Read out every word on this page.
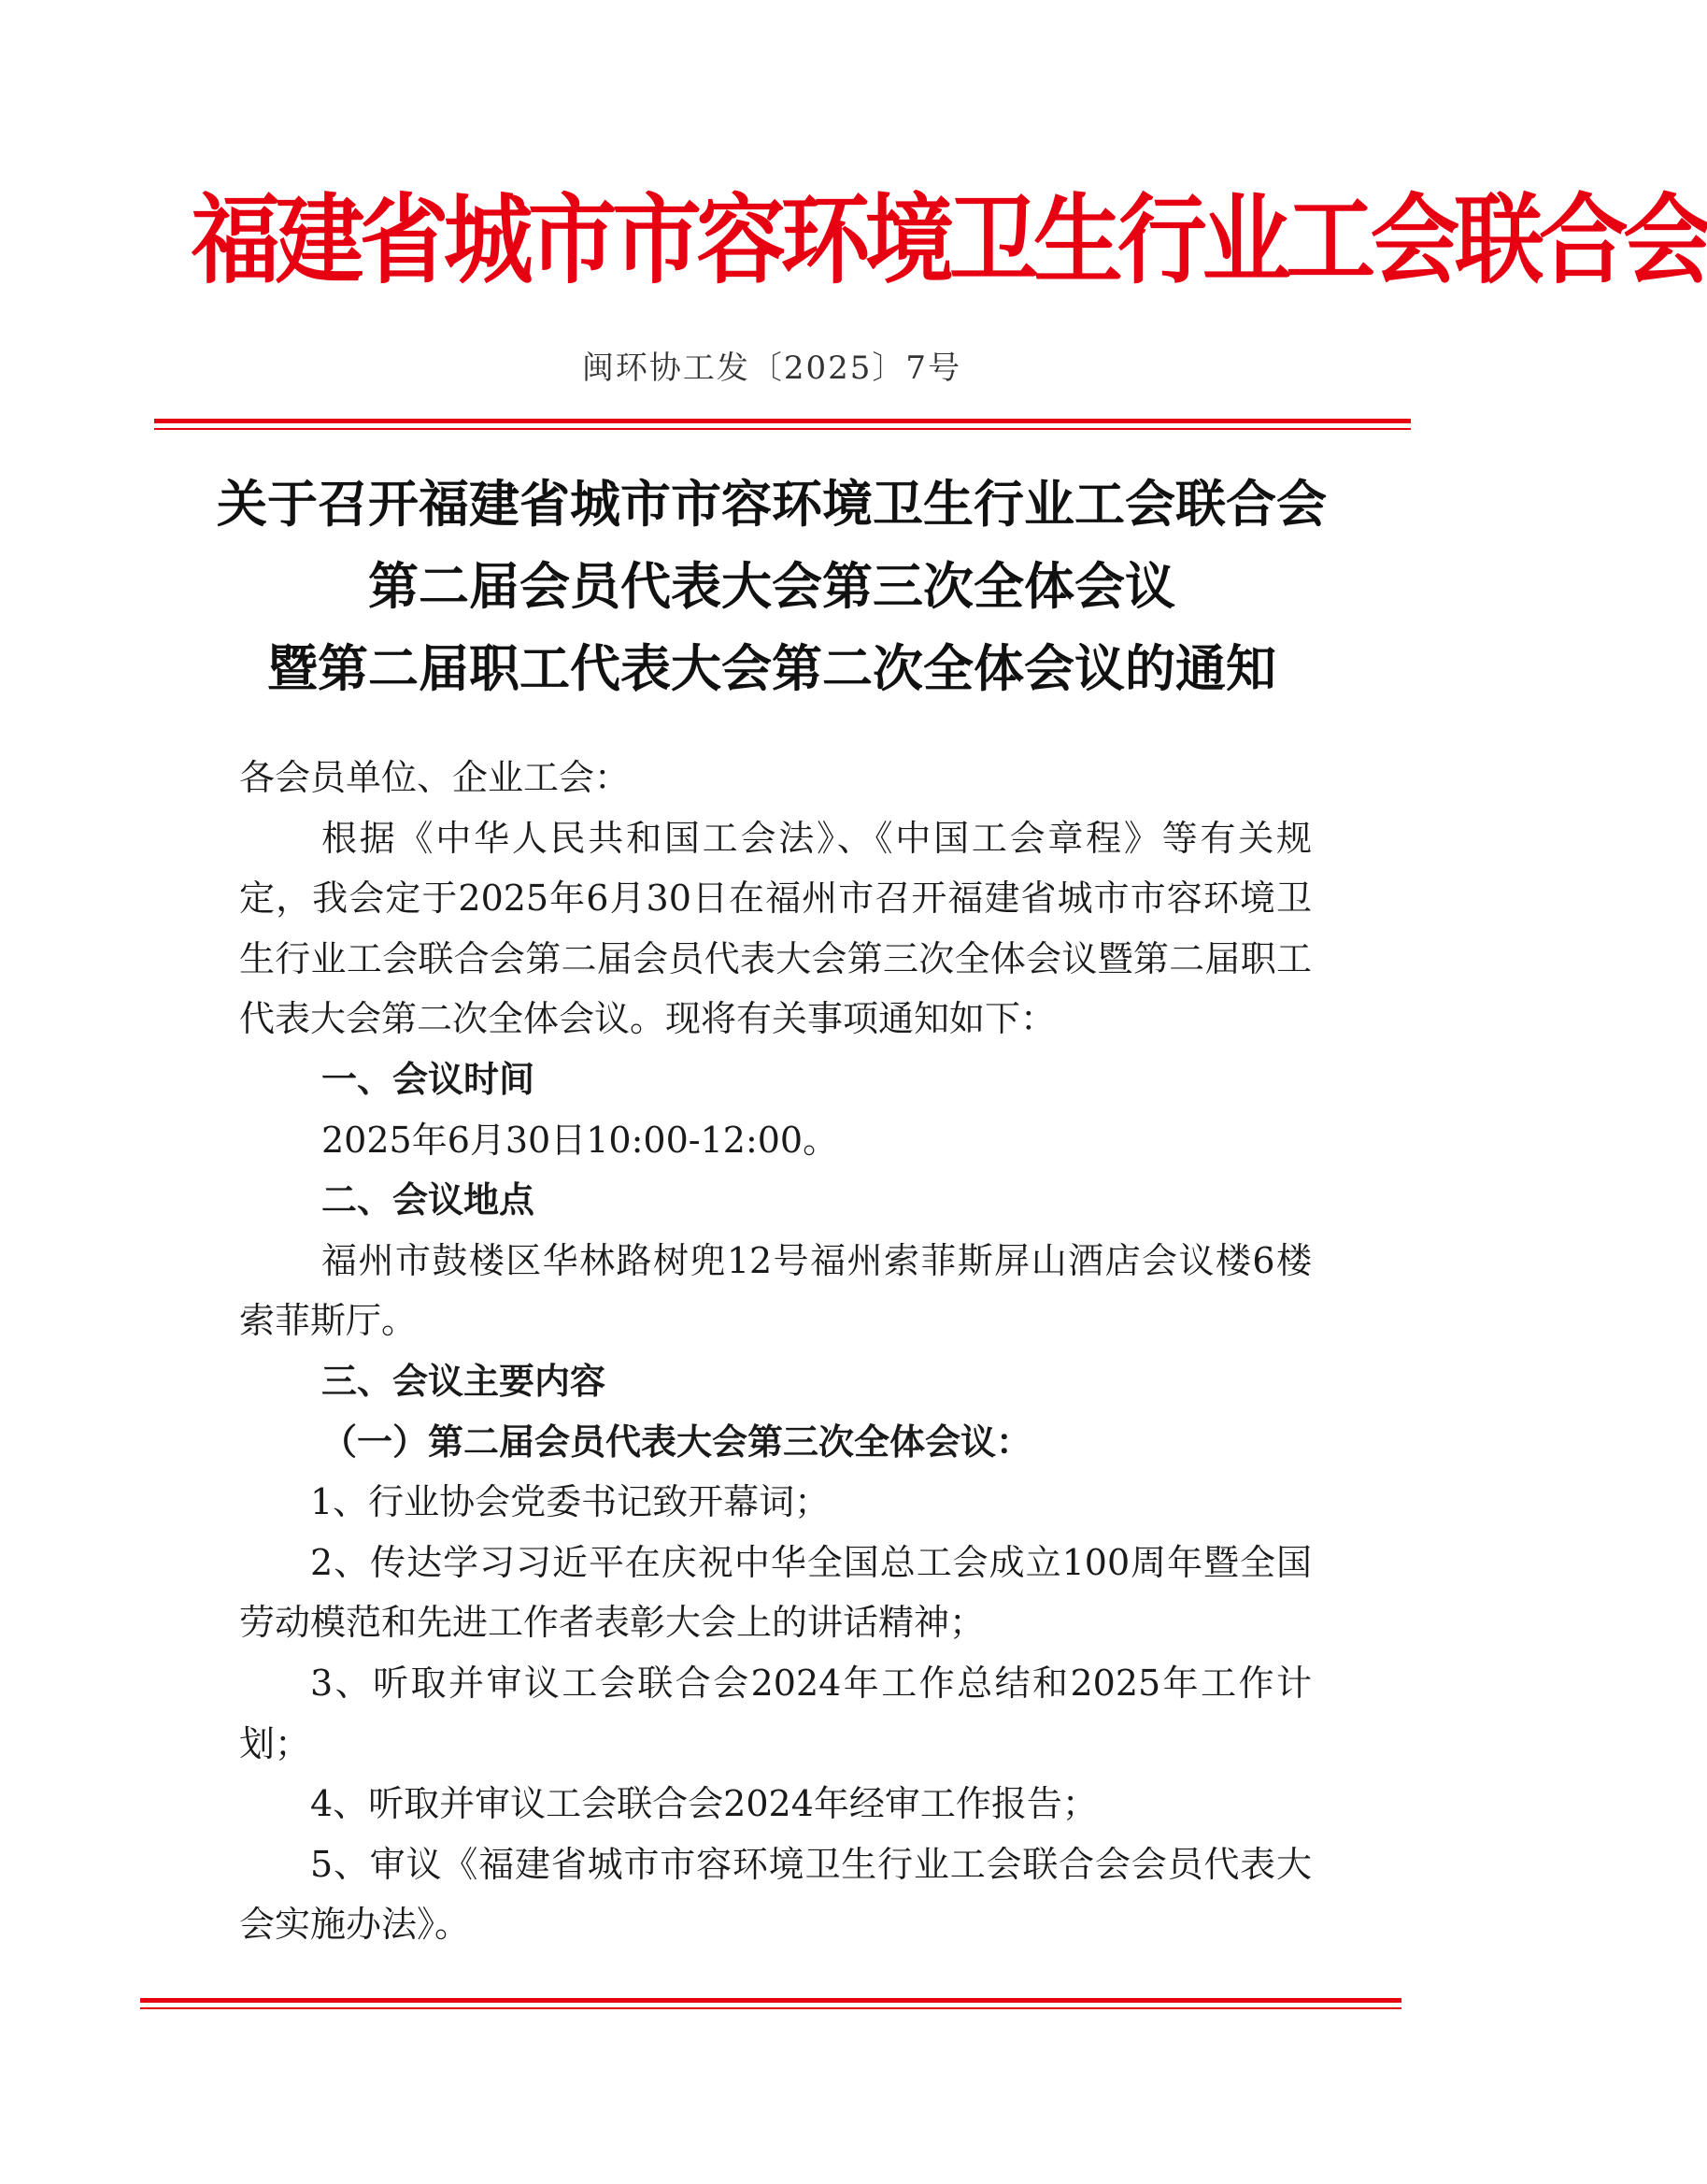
福建省城市市容环境卫生行业工会联合会
闽环协工发〔2025〕7号
关于召开福建省城市市容环境卫生行业工会联合会
第二届会员代表大会第三次全体会议
暨第二届职工代表大会第二次全体会议的通知

各会员单位、企业工会：

根据《中华人民共和国工会法》、《中国工会章程》等有关规定，我会定于2025年6月30日在福州市召开福建省城市市容环境卫生行业工会联合会第二届会员代表大会第三次全体会议暨第二届职工代表大会第二次全体会议。现将有关事项通知如下：

一、会议时间

2025年6月30日10:00-12:00。

二、会议地点

福州市鼓楼区华林路树兜12号福州索菲斯屏山酒店会议楼6楼索菲斯厅。

三、会议主要内容

（一）第二届会员代表大会第三次全体会议：

1、行业协会党委书记致开幕词；

2、传达学习习近平在庆祝中华全国总工会成立100周年暨全国劳动模范和先进工作者表彰大会上的讲话精神；

3、听取并审议工会联合会2024年工作总结和2025年工作计划；

4、听取并审议工会联合会2024年经审工作报告；

5、审议《福建省城市市容环境卫生行业工会联合会会员代表大会实施办法》。
